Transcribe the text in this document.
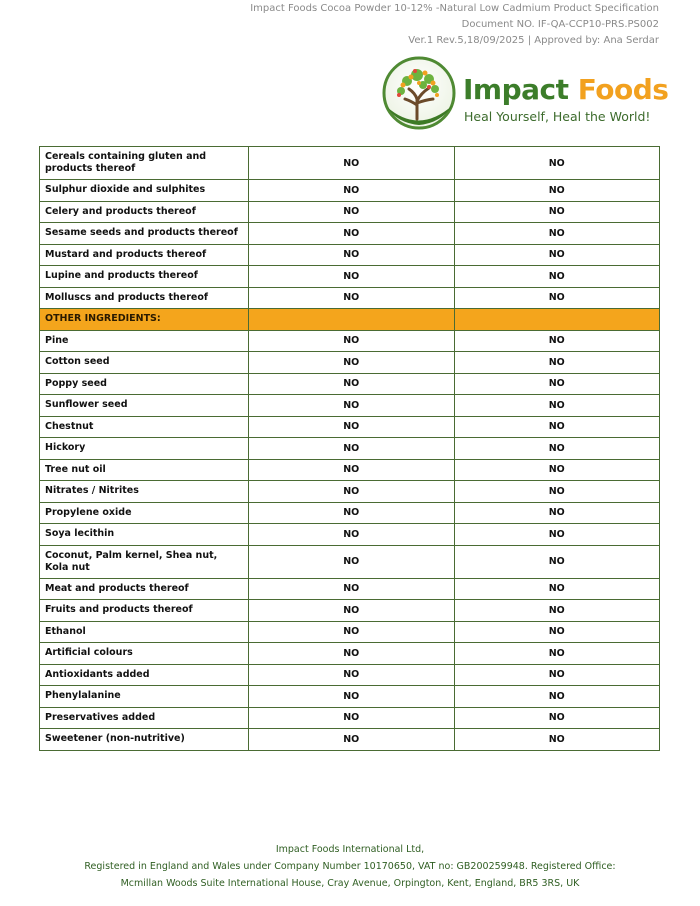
Impact Foods Cocoa Powder 10-12% -Natural Low Cadmium Product Specification
Document NO. IF-QA-CCP10-PRS.PS002
Ver.1 Rev.5,18/09/2025 | Approved by: Ana Serdar
Impact Foods
Heal Yourself, Heal the World!
Cereals containing gluten and products thereof	NO	NO
Sulphur dioxide and sulphites	NO	NO
Celery and products thereof	NO	NO
Sesame seeds and products thereof	NO	NO
Mustard and products thereof	NO	NO
Lupine and products thereof	NO	NO
Molluscs and products thereof	NO	NO
OTHER INGREDIENTS:		
Pine	NO	NO
Cotton seed	NO	NO
Poppy seed	NO	NO
Sunflower seed	NO	NO
Chestnut	NO	NO
Hickory	NO	NO
Tree nut oil	NO	NO
Nitrates / Nitrites	NO	NO
Propylene oxide	NO	NO
Soya lecithin	NO	NO
Coconut, Palm kernel, Shea nut, Kola nut	NO	NO
Meat and products thereof	NO	NO
Fruits and products thereof	NO	NO
Ethanol	NO	NO
Artificial colours	NO	NO
Antioxidants added	NO	NO
Phenylalanine	NO	NO
Preservatives added	NO	NO
Sweetener (non-nutritive)	NO	NO
Impact Foods International Ltd,
Registered in England and Wales under Company Number 10170650, VAT no: GB200259948. Registered Office:
Mcmillan Woods Suite International House, Cray Avenue, Orpington, Kent, England, BR5 3RS, UK
